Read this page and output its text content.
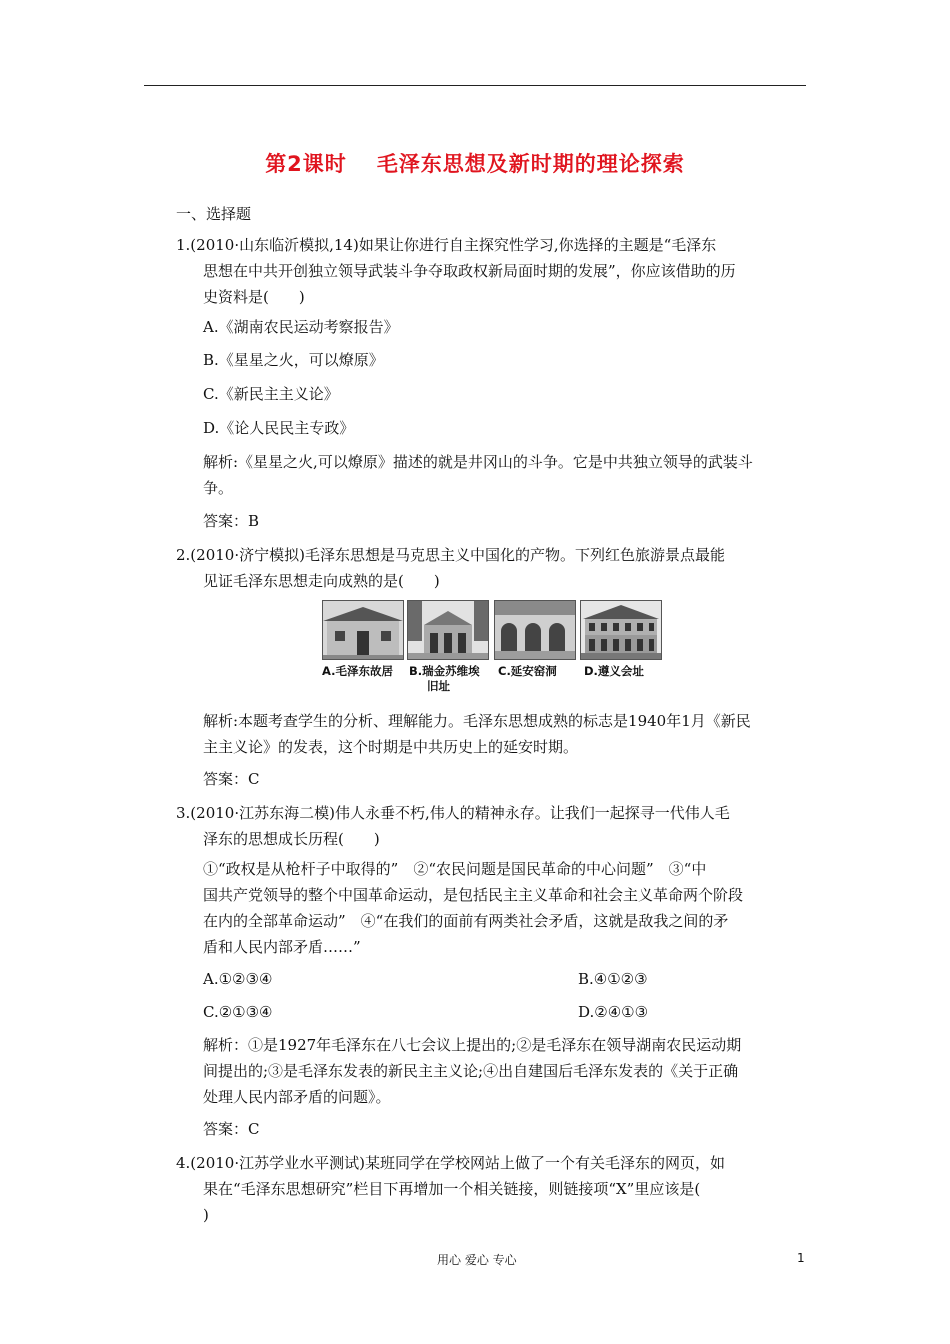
第2课时 毛泽东思想及新时期的理论探索
一、选择题
1.(2010·山东临沂模拟,14)如果让你进行自主探究性学习,你选择的主题是“毛泽东
思想在中共开创独立领导武装斗争夺取政权新局面时期的发展”，你应该借助的历
史资料是(　　)
A.《湖南农民运动考察报告》
B.《星星之火，可以燎原》
C.《新民主主义论》
D.《论人民民主专政》
解析:《星星之火,可以燎原》描述的就是井冈山的斗争。它是中共独立领导的武装斗
争。
答案：B
2.(2010·济宁模拟)毛泽东思想是马克思主义中国化的产物。下列红色旅游景点最能
见证毛泽东思想走向成熟的是(　　)
A.毛泽东故居 B.瑞金苏维埃
旧址
C.延安窑洞 D.遵义会址
解析:本题考查学生的分析、理解能力。毛泽东思想成熟的标志是1940年1月《新民
主主义论》的发表，这个时期是中共历史上的延安时期。
答案：C
3.(2010·江苏东海二模)伟人永垂不朽,伟人的精神永存。让我们一起探寻一代伟人毛
泽东的思想成长历程(　　)
①“政权是从枪杆子中取得的”　②“农民问题是国民革命的中心问题”　③“中
国共产党领导的整个中国革命运动，是包括民主主义革命和社会主义革命两个阶段
在内的全部革命运动”　④“在我们的面前有两类社会矛盾，这就是敌我之间的矛
盾和人民内部矛盾……”
A.①②③④	B.④①②③
C.②①③④	D.②④①③
解析：①是1927年毛泽东在八七会议上提出的;②是毛泽东在领导湖南农民运动期
间提出的;③是毛泽东发表的新民主主义论;④出自建国后毛泽东发表的《关于正确
处理人民内部矛盾的问题》。
答案：C
4.(2010·江苏学业水平测试)某班同学在学校网站上做了一个有关毛泽东的网页，如
果在“毛泽东思想研究”栏目下再增加一个相关链接，则链接项“X”里应该是(
)
用心 爱心 专心	1
